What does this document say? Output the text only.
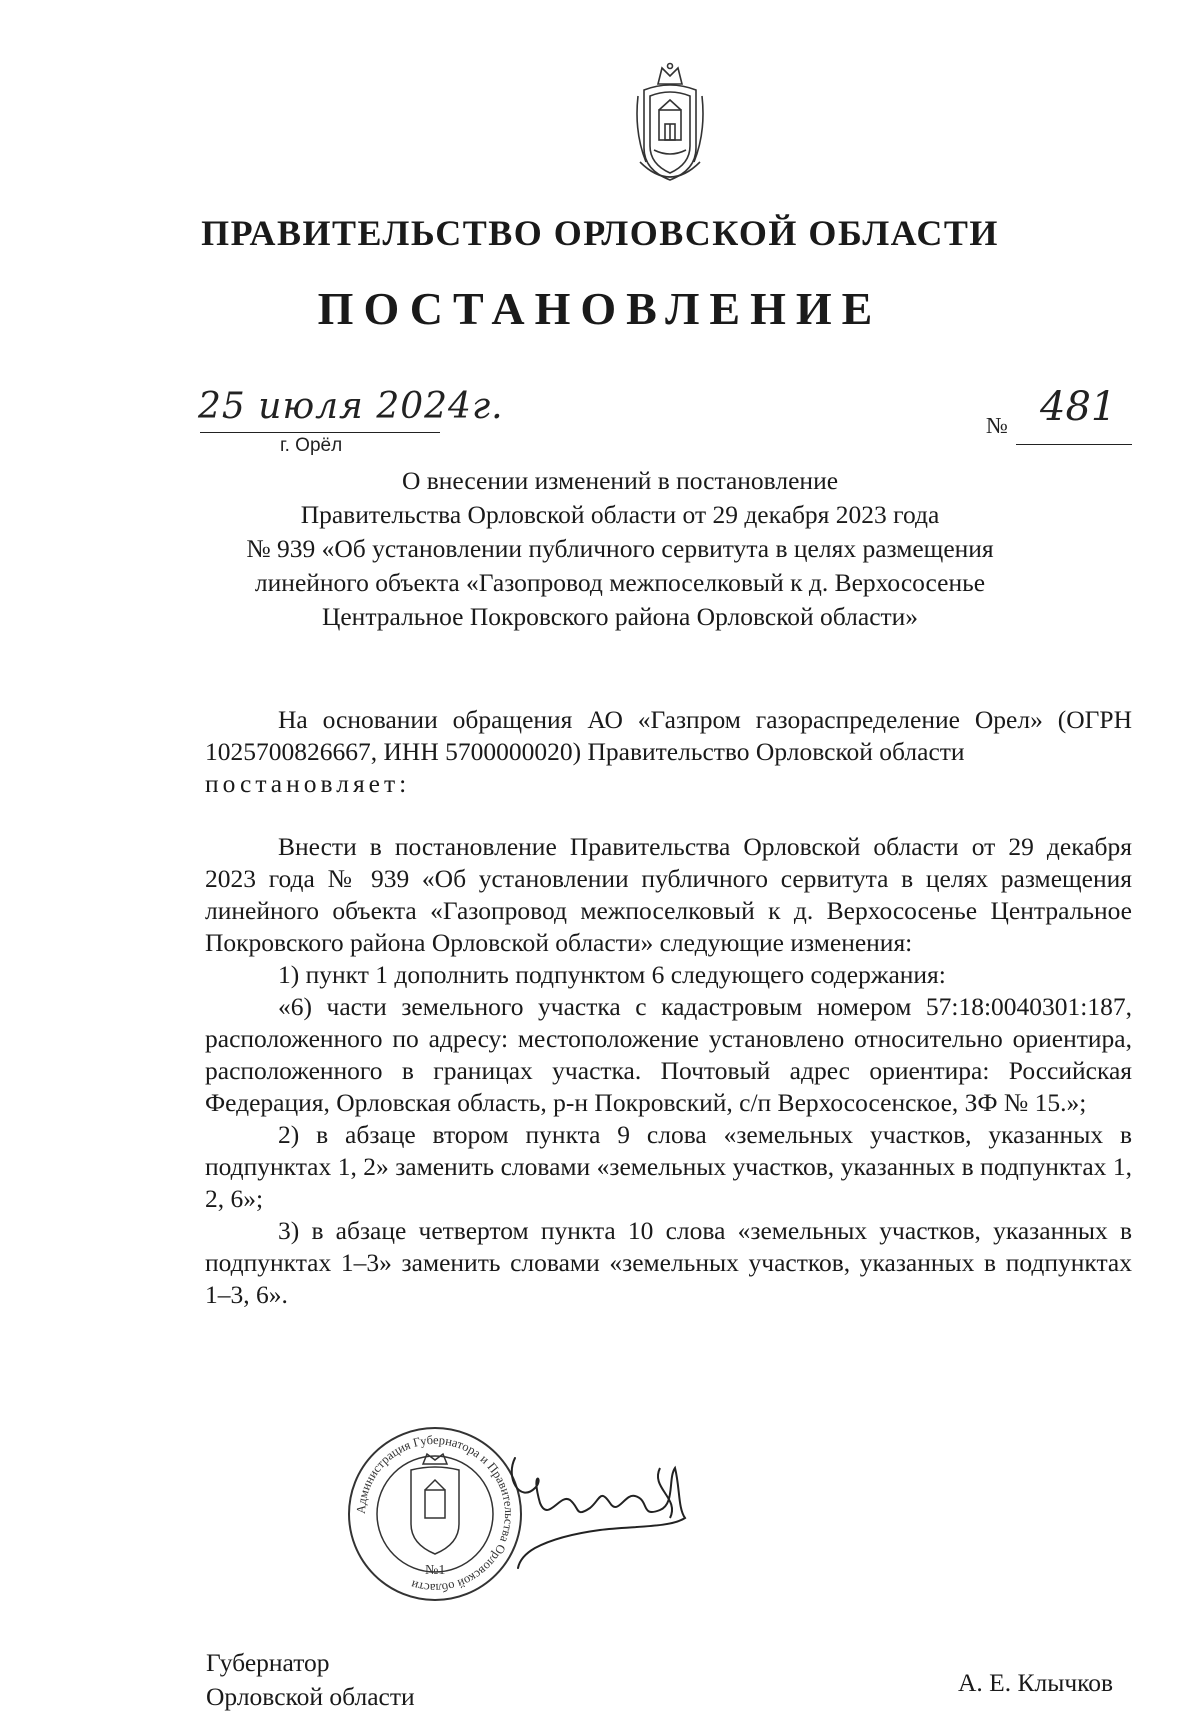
ПРАВИТЕЛЬСТВО ОРЛОВСКОЙ ОБЛАСТИ
ПОСТАНОВЛЕНИЕ
25 июля 2024г.
г. Орёл
№ 481
О внесении изменений в постановление
Правительства Орловской области от 29 декабря 2023 года
№ 939 «Об установлении публичного сервитута в целях размещения
линейного объекта «Газопровод межпоселковый к д. Верхососенье
Центральное Покровского района Орловской области»
На основании обращения АО «Газпром газораспределение Орел» (ОГРН 1025700826667, ИНН 5700000020) Правительство Орловской области
постановляет:
Внести в постановление Правительства Орловской области от 29 декабря 2023 года № 939 «Об установлении публичного сервитута в целях размещения линейного объекта «Газопровод межпоселковый к д. Верхососенье Центральное Покровского района Орловской области» следующие изменения:
1) пункт 1 дополнить подпунктом 6 следующего содержания:
«6) части земельного участка с кадастровым номером 57:18:0040301:187, расположенного по адресу: местоположение установлено относительно ориентира, расположенного в границах участка. Почтовый адрес ориентира: Российская Федерация, Орловская область, р-н Покровский, с/п Верхососенское, ЗФ № 15.»;
2) в абзаце втором пункта 9 слова «земельных участков, указанных в подпунктах 1, 2» заменить словами «земельных участков, указанных в подпунктах 1, 2, 6»;
3) в абзаце четвертом пункта 10 слова «земельных участков, указанных в подпунктах 1–3» заменить словами «земельных участков, указанных в подпунктах 1–3, 6».
Администрация Губернатора и Правительства Орловской области
№1
Губернатор
Орловской области	А. Е. Клычков
